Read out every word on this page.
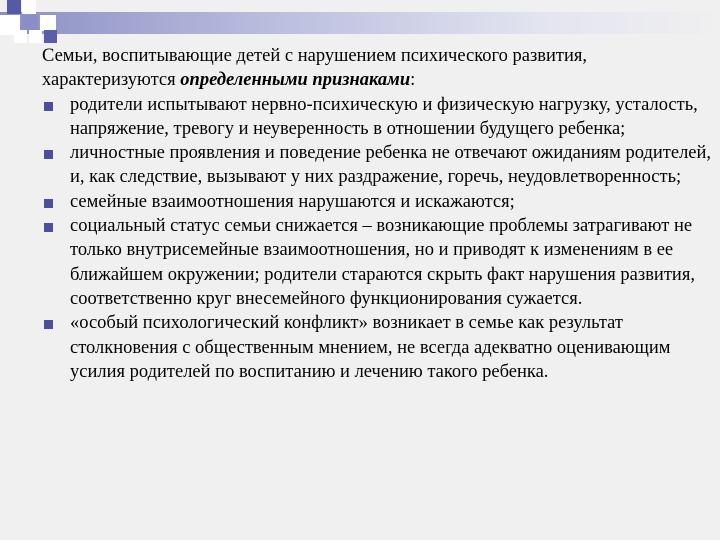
Семьи, воспитывающие детей с нарушением психического развития, характеризуются определенными признаками:

родители испытывают нервно-психическую и физическую нагрузку, усталость, напряжение, тревогу и неуверенность в отношении будущего ребенка;
личностные проявления и поведение ребенка не отвечают ожиданиям родителей, и, как следствие, вызывают у них раздражение, горечь, неудовлетворенность;
семейные взаимоотношения нарушаются и искажаются;
социальный статус семьи снижается – возникающие проблемы затрагивают не только внутрисемейные взаимоотношения, но и приводят к изменениям в ее ближайшем окружении; родители стараются скрыть факт нарушения развития, соответственно круг внесемейного функционирования сужается.
«особый психологический конфликт» возникает в семье как результат столкновения с общественным мнением, не всегда адекватно оценивающим усилия родителей по воспитанию и лечению такого ребенка.
